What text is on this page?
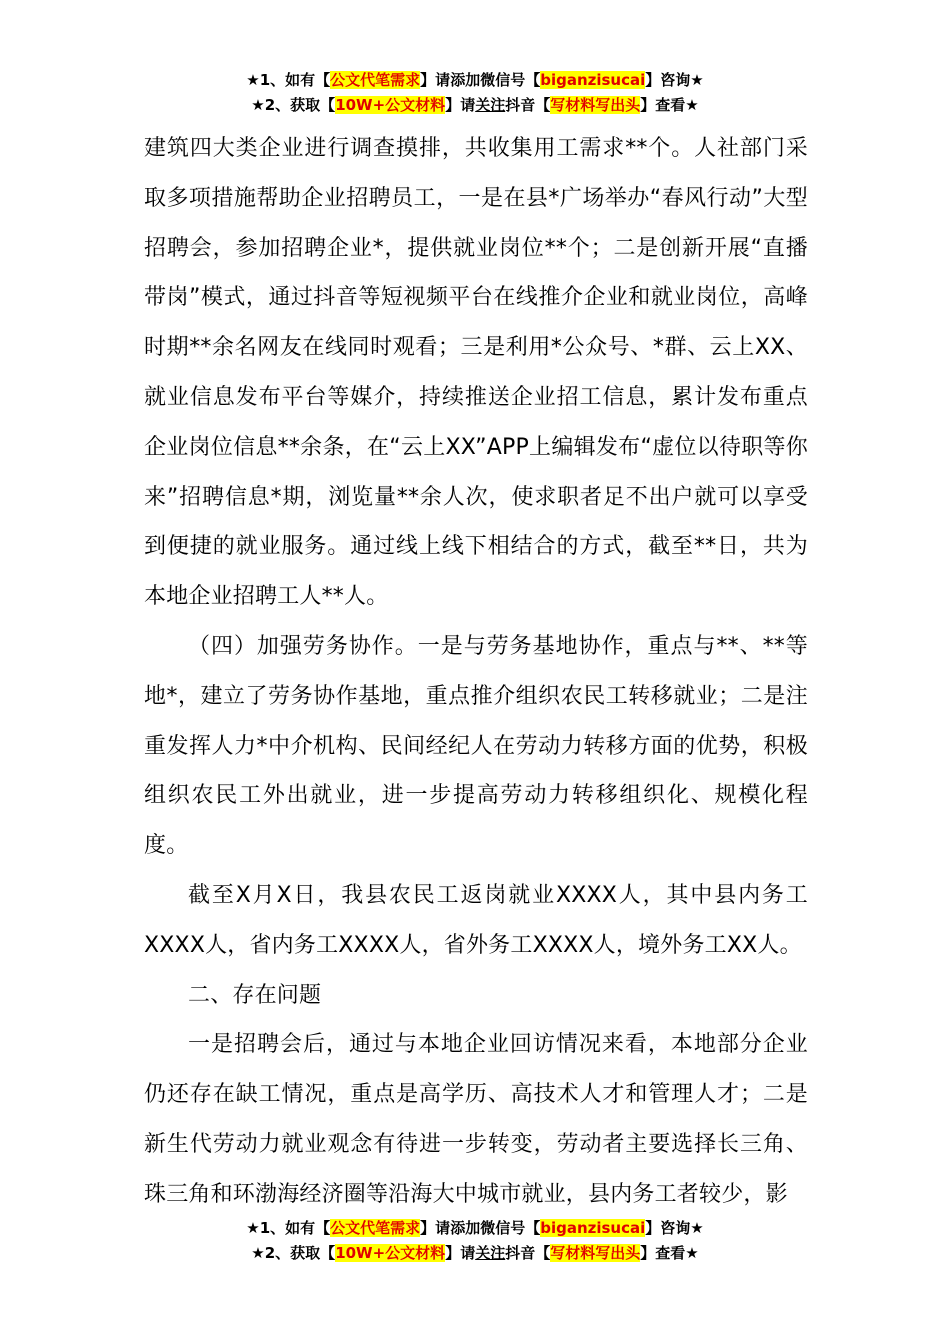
★1、如有【公文代笔需求】请添加微信号【biganzisucai】咨询★
★2、获取【10W+公文材料】请关注抖音【写材料写出头】查看★

建筑四大类企业进行调查摸排，共收集用工需求**个。人社部门采取多项措施帮助企业招聘员工，一是在县*广场举办“春风行动”大型招聘会，参加招聘企业*，提供就业岗位**个；二是创新开展“直播带岗”模式，通过抖音等短视频平台在线推介企业和就业岗位，高峰时期**余名网友在线同时观看；三是利用*公众号、*群、云上XX、就业信息发布平台等媒介，持续推送企业招工信息，累计发布重点企业岗位信息**余条，在“云上XX”APP上编辑发布“虚位以待职等你来”招聘信息*期，浏览量**余人次，使求职者足不出户就可以享受到便捷的就业服务。通过线上线下相结合的方式，截至**日，共为本地企业招聘工人**人。

（四）加强劳务协作。一是与劳务基地协作，重点与**、**等地*，建立了劳务协作基地，重点推介组织农民工转移就业；二是注重发挥人力*中介机构、民间经纪人在劳动力转移方面的优势，积极组织农民工外出就业，进一步提高劳动力转移组织化、规模化程度。

截至X月X日，我县农民工返岗就业XXXX人，其中县内务工XXXX人，省内务工XXXX人，省外务工XXXX人，境外务工XX人。

二、存在问题

一是招聘会后，通过与本地企业回访情况来看，本地部分企业仍还存在缺工情况，重点是高学历、高技术人才和管理人才；二是新生代劳动力就业观念有待进一步转变，劳动者主要选择长三角、珠三角和环渤海经济圈等沿海大中城市就业，县内务工者较少，影

★1、如有【公文代笔需求】请添加微信号【biganzisucai】咨询★
★2、获取【10W+公文材料】请关注抖音【写材料写出头】查看★
